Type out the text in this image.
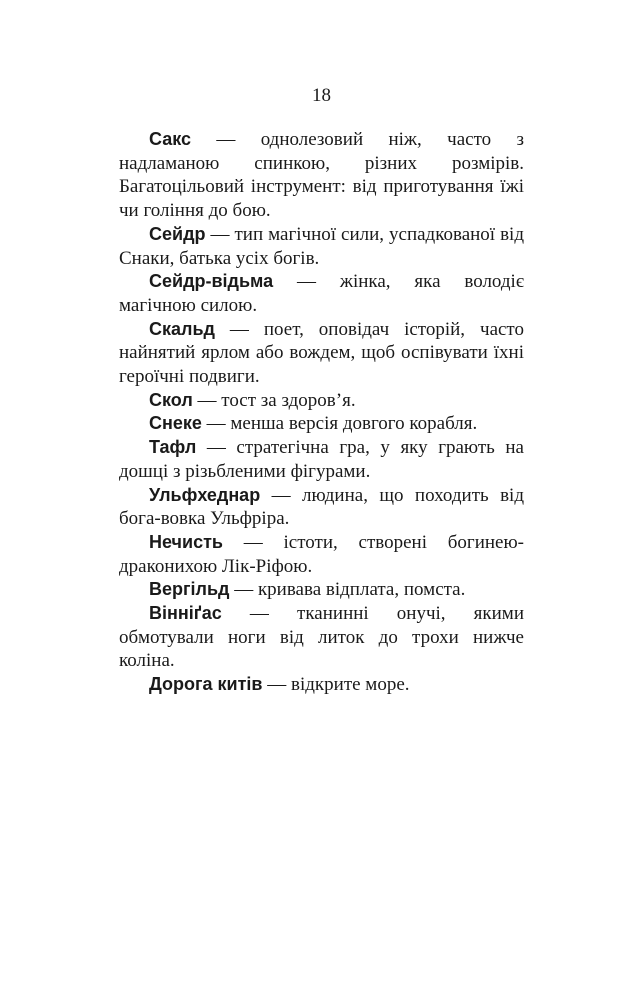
18

Сакс — однолезовий ніж, часто з надламаною спинкою, різних розмірів. Багатоцільовий інструмент: від приготування їжі чи гоління до бою.

Сейдр — тип магічної сили, успадкованої від Снаки, батька усіх богів.

Сейдр-відьма — жінка, яка володіє магічною силою.

Скальд — поет, оповідач історій, часто найнятий ярлом або вождем, щоб оспівувати їхні героїчні подвиги.

Скол — тост за здоров’я.

Снеке — менша версія довгого корабля.

Тафл — стратегічна гра, у яку грають на дошці з різьбленими фігурами.

Ульфхеднар — людина, що походить від бога-вовка Ульфріра.

Нечисть — істоти, створені богинею-драконихою Лік-Ріфою.

Вергільд — кривава відплата, помста.

Вінніґас — тканинні онучі, якими обмотували ноги від литок до трохи нижче коліна.

Дорога китів — відкрите море.
